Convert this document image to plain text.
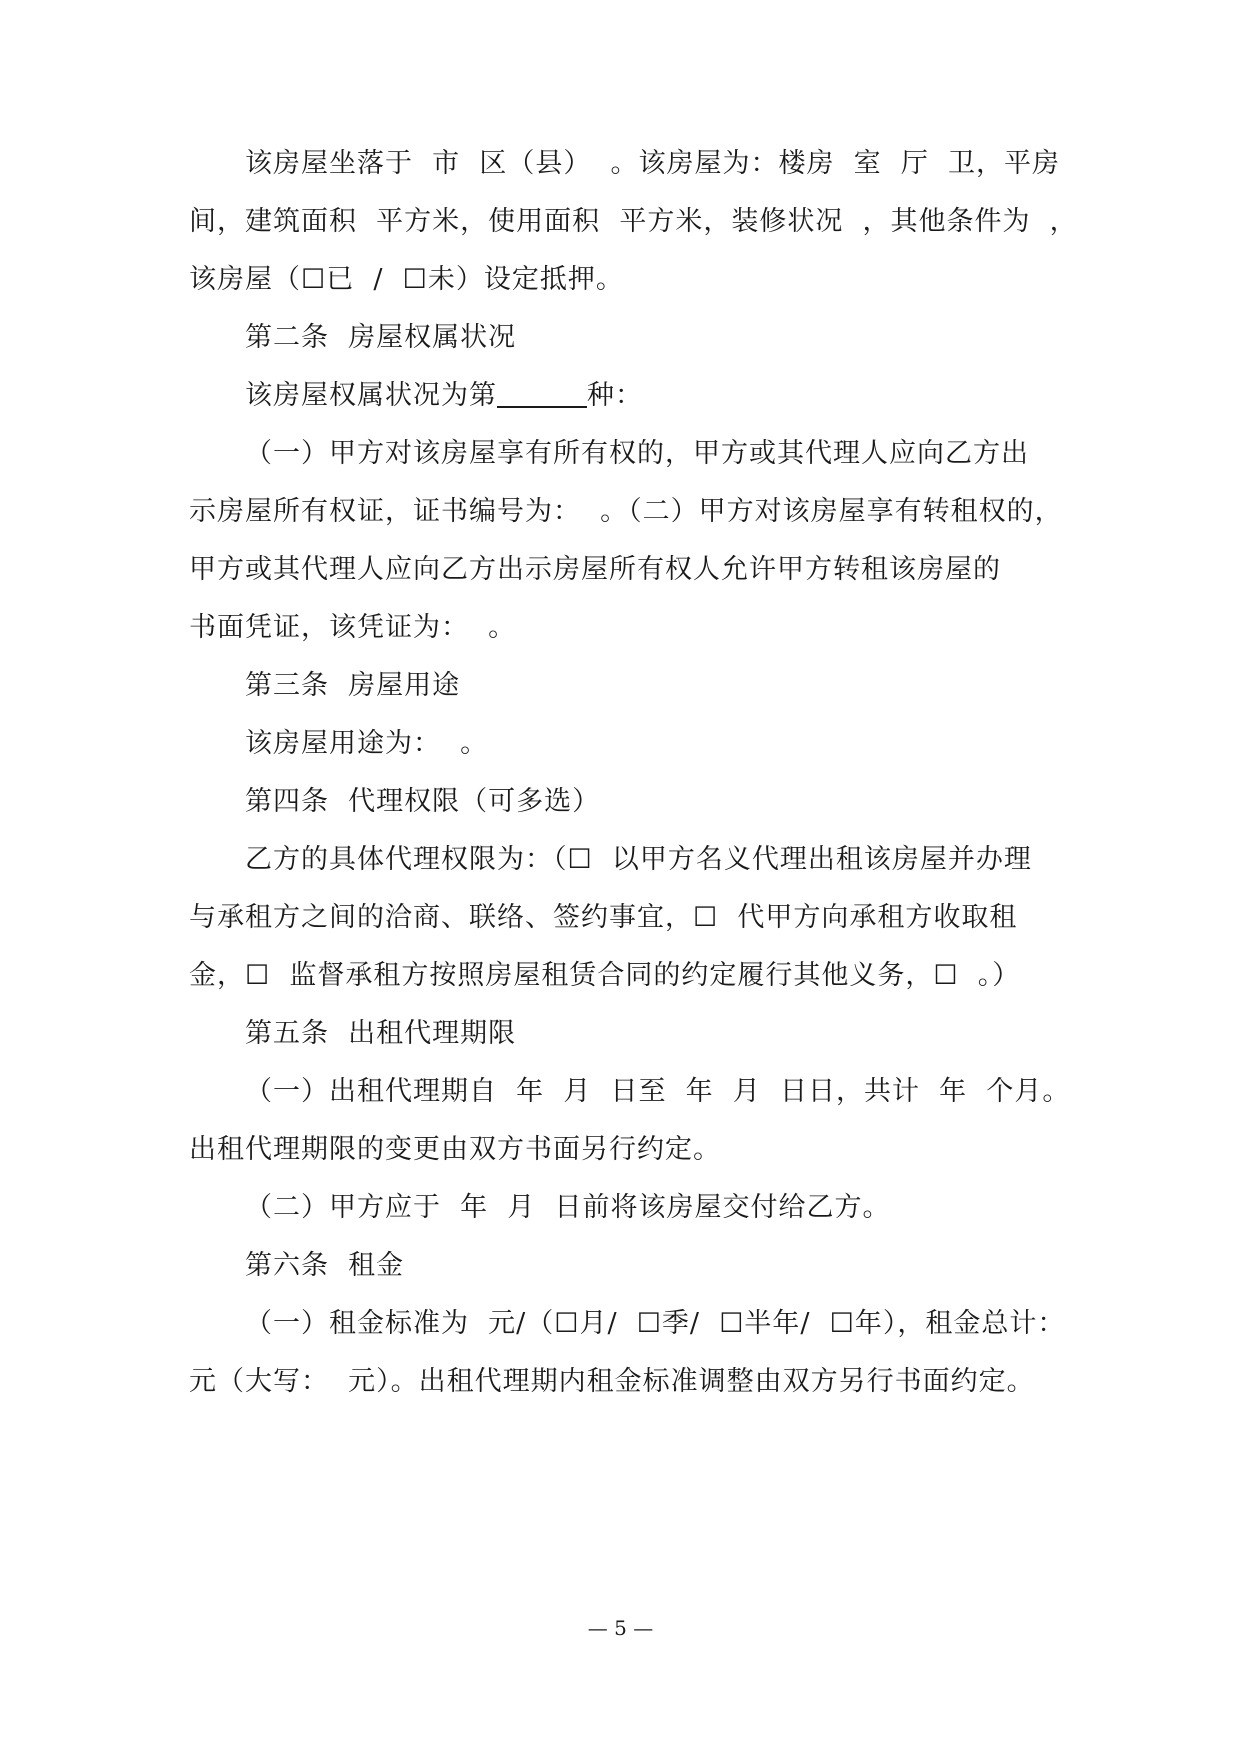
该房屋坐落于  市  区（县）  。该房屋为：楼房  室  厅  卫，平房
间，建筑面积  平方米，使用面积  平方米，装修状况  ，其他条件为  ，
该房屋（☐已  /  ☐未）设定抵押。
第二条  房屋权属状况
该房屋权属状况为第	种：
（一）甲方对该房屋享有所有权的，甲方或其代理人应向乙方出
示房屋所有权证，证书编号为：  。（二）甲方对该房屋享有转租权的，
甲方或其代理人应向乙方出示房屋所有权人允许甲方转租该房屋的
书面凭证，该凭证为：  。
第三条  房屋用途
该房屋用途为：  。
第四条  代理权限（可多选）
乙方的具体代理权限为：（☐  以甲方名义代理出租该房屋并办理
与承租方之间的洽商、联络、签约事宜，☐  代甲方向承租方收取租
金，☐  监督承租方按照房屋租赁合同的约定履行其他义务，☐  。）
第五条  出租代理期限
（一）出租代理期自  年  月  日至  年  月  日日，共计  年  个月。
出租代理期限的变更由双方书面另行约定。
（二）甲方应于  年  月  日前将该房屋交付给乙方。
第六条  租金
（一）租金标准为  元/（☐月/  ☐季/  ☐半年/  ☐年），租金总计：
元（大写：  元）。出租代理期内租金标准调整由双方另行书面约定。
— 5 —
